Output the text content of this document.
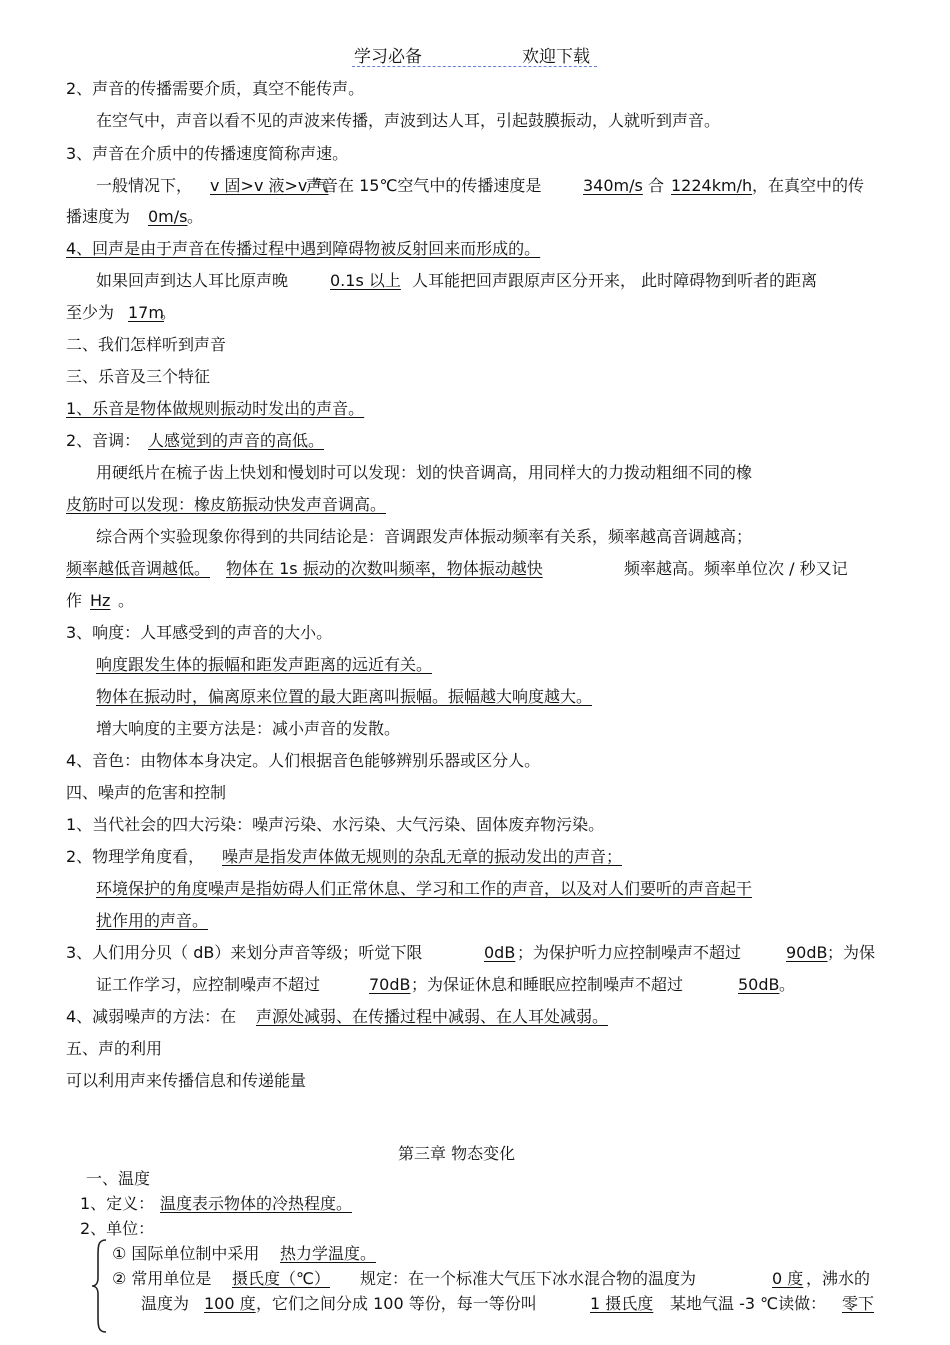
学习必备	欢迎下载
2、声音的传播需要介质，真空不能传声。
在空气中，声音以看不见的声波来传播，声波到达人耳，引起鼓膜振动，人就听到声音。
3、声音在介质中的传播速度简称声速。
一般情况下， v 固>v 液>v 气
声音在 15℃空气中的传播速度是	340m/s 合 1224km/h ，在真空中的传
播速度为 0m/s 。
4、回声是由于声音在传播过程中遇到障碍物被反射回来而形成的。
如果回声到达人耳比原声晚	0.1s 以上 人耳能把回声跟原声区分开来， 此时障碍物到听者的距离
至少为 17m
。
二、我们怎样听到声音
三、乐音及三个特征
1、乐音是物体做规则振动时发出的声音。
2、音调： 人感觉到的声音的高低。
用硬纸片在梳子齿上快划和慢划时可以发现：划的快音调高，用同样大的力拨动粗细不同的橡
皮筋时可以发现：橡皮筋振动快发声音调高。
综合两个实验现象你得到的共同结论是：音调跟发声体振动频率有关系，频率越高音调越高；
频率越低音调越低。 物体在 1s 振动的次数叫频率，物体振动越快	频率越高。频率单位次 / 秒又记
作 Hz 。
3、响度：人耳感受到的声音的大小。
响度跟发生体的振幅和距发声距离的远近有关。
物体在振动时，偏离原来位置的最大距离叫振幅。振幅越大响度越大。
增大响度的主要方法是：减小声音的发散。
4、音色：由物体本身决定。人们根据音色能够辨别乐器或区分人。
四、噪声的危害和控制
1、当代社会的四大污染：噪声污染、水污染、大气污染、固体废弃物污染。
2、物理学角度看， 噪声是指发声体做无规则的杂乱无章的振动发出的声音；
环境保护的角度噪声是指妨碍人们正常休息、学习和工作的声音，以及对人们要听的声音起干
扰作用的声音。
3、人们用分贝（ dB）来划分声音等级；听觉下限	0dB ；为保护听力应控制噪声不超过	90dB ；为保
证工作学习，应控制噪声不超过	70dB ；为保证休息和睡眠应控制噪声不超过	50dB 。
4、减弱噪声的方法：在 声源处减弱、在传播过程中减弱、在人耳处减弱。
五、声的利用
可以利用声来传播信息和传递能量
第三章 物态变化
一、温度
1、定义： 温度表示物体的冷热程度。
2、单位：
① 国际单位制中采用 热力学温度。
② 常用单位是 摄氏度（℃） 规定：在一个标准大气压下冰水混合物的温度为	0 度 ，沸水的
温度为 100 度 ，它们之间分成 100 等份，每一等份叫	1 摄氏度 某地气温 -3 ℃读做： 零下
